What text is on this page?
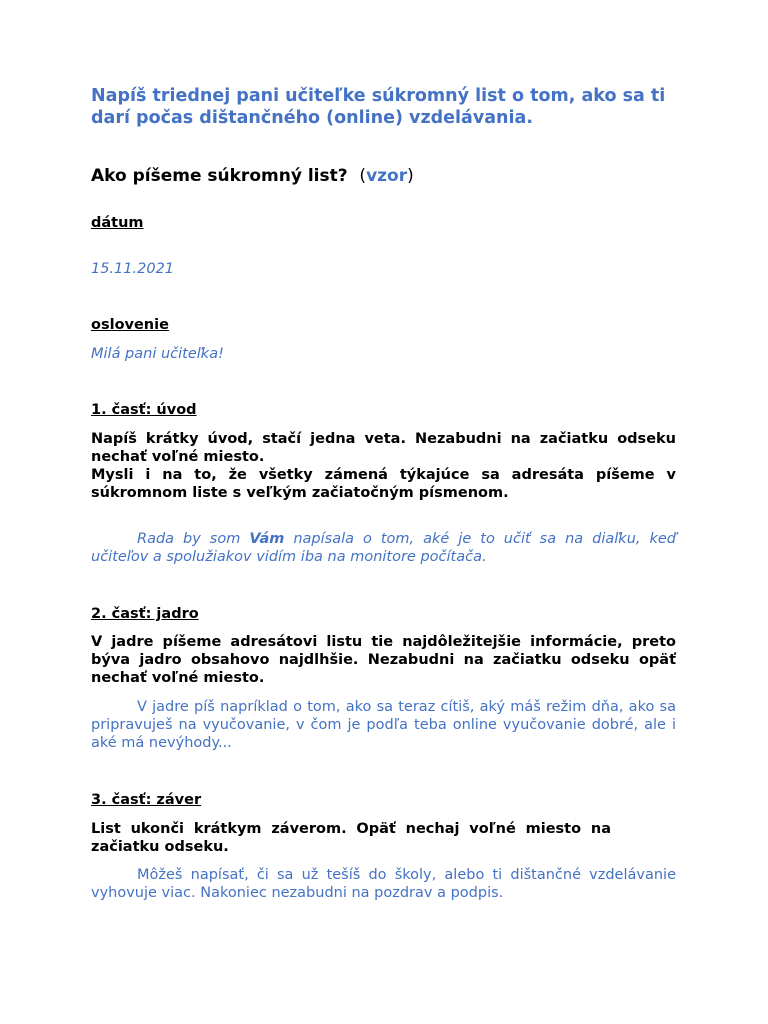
Napíš triednej pani učiteľke súkromný list o tom, ako sa ti darí počas dištančného (online) vzdelávania.
Ako píšeme súkromný list? (vzor)
dátum
15.11.2021
oslovenie
Milá pani učiteľka!
1. časť: úvod

Napíš krátky úvod, stačí jedna veta. Nezabudni na začiatku odseku nechať voľné miesto.

Mysli i na to, že všetky zámená týkajúce sa adresáta píšeme v súkromnom liste s veľkým začiatočným písmenom.

Rada by som Vám napísala o tom, aké je to učiť sa na diaľku, keď učiteľov a spolužiakov vidím iba na monitore počítača.
2. časť: jadro
V jadre píšeme adresátovi listu tie najdôležitejšie informácie, preto býva jadro obsahovo najdlhšie. Nezabudni na začiatku odseku opäť nechať voľné miesto.
V jadre píš napríklad o tom, ako sa teraz cítiš, aký máš režim dňa, ako sa pripravuješ na vyučovanie, v čom je podľa teba online vyučovanie dobré, ale i aké má nevýhody...
3. časť: záver
List ukonči krátkym záverom. Opäť nechaj voľné miesto na začiatku odseku.
Môžeš napísať, či sa už tešíš do školy, alebo ti dištančné vzdelávanie vyhovuje viac. Nakoniec nezabudni na pozdrav a podpis.
